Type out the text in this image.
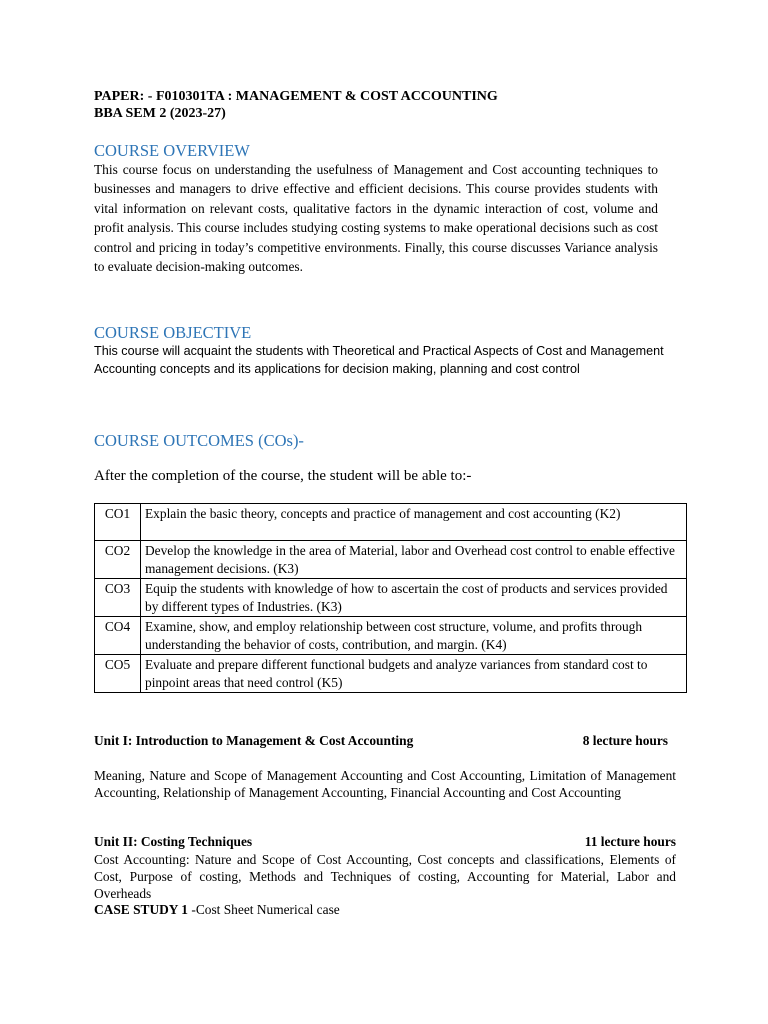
PAPER: - F010301TA : MANAGEMENT & COST ACCOUNTING
BBA SEM 2 (2023-27)
COURSE OVERVIEW
This course focus on understanding the usefulness of Management and Cost accounting techniques to businesses and managers to drive effective and efficient decisions. This course provides students with vital information on relevant costs, qualitative factors in the dynamic interaction of cost, volume and profit analysis. This course includes studying costing systems to make operational decisions such as cost control and pricing in today’s competitive environments. Finally, this course discusses Variance analysis to evaluate decision-making outcomes.
COURSE OBJECTIVE
This course will acquaint the students with Theoretical and Practical Aspects of Cost and Management Accounting concepts and its applications for decision making, planning and cost control
COURSE OUTCOMES (COs)-
After the completion of the course, the student will be able to:-
CO1	Explain the basic theory, concepts and practice of management and cost accounting (K2)
CO2	Develop the knowledge in the area of Material, labor and Overhead cost control to enable effective management decisions. (K3)
CO3	Equip the students with knowledge of how to ascertain the cost of products and services provided by different types of Industries. (K3)
CO4	Examine, show, and employ relationship between cost structure, volume, and profits through understanding the behavior of costs, contribution, and margin. (K4)
CO5	Evaluate and prepare different functional budgets and analyze variances from standard cost to pinpoint areas that need control (K5)
Unit I: Introduction to Management & Cost Accounting	8 lecture hours
Meaning, Nature and Scope of Management Accounting and Cost Accounting, Limitation of Management Accounting, Relationship of Management Accounting, Financial Accounting and Cost Accounting
Unit II: Costing Techniques	11 lecture hours
Cost Accounting: Nature and Scope of Cost Accounting, Cost concepts and classifications, Elements of Cost, Purpose of costing, Methods and Techniques of costing, Accounting for Material, Labor and Overheads
CASE STUDY 1 -Cost Sheet Numerical case
